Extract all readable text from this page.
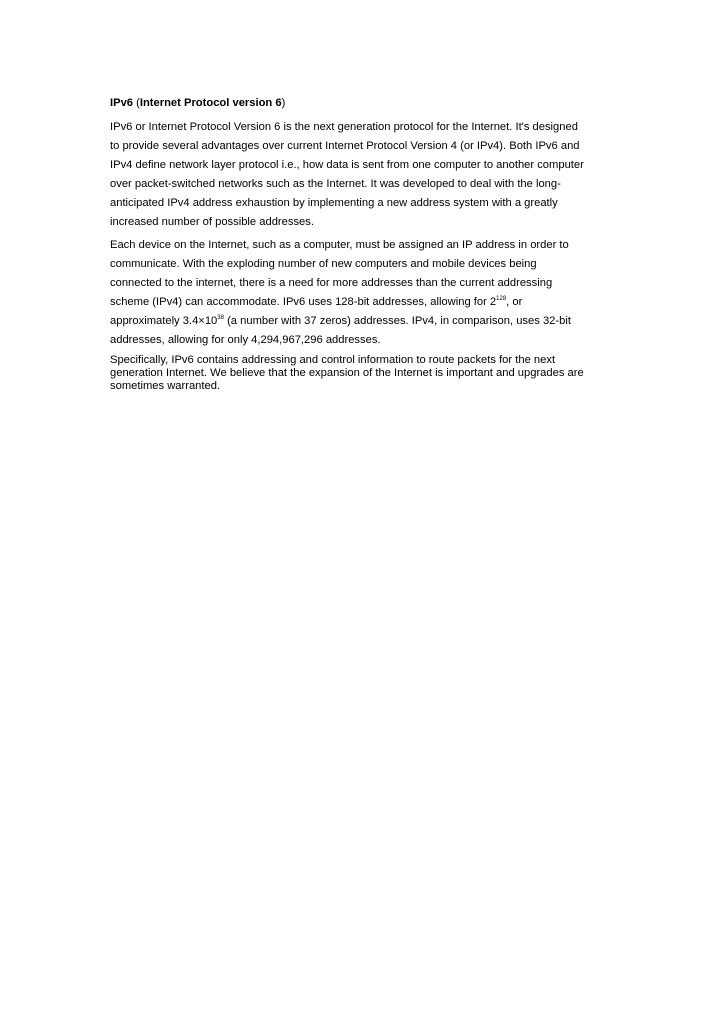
IPv6 (Internet Protocol version 6)

IPv6 or Internet Protocol Version 6 is the next generation protocol for the Internet. It's designed
to provide several advantages over current Internet Protocol Version 4 (or IPv4). Both IPv6 and
IPv4 define network layer protocol i.e., how data is sent from one computer to another computer
over packet-switched networks such as the Internet. It was developed to deal with the long-
anticipated IPv4 address exhaustion by implementing a new address system with a greatly
increased number of possible addresses.

Each device on the Internet, such as a computer, must be assigned an IP address in order to
communicate. With the exploding number of new computers and mobile devices being
connected to the internet, there is a need for more addresses than the current addressing
scheme (IPv4) can accommodate. IPv6 uses 128-bit addresses, allowing for $2^{128}$, or
approximately $3.4\times 10^{38}$ (a number with 37 zeros) addresses. IPv4, in comparison, uses 32-bit
addresses, allowing for only 4,294,967,296 addresses.

Specifically, IPv6 contains addressing and control information to route packets for the next
generation Internet. We believe that the expansion of the Internet is important and upgrades are
sometimes warranted.
